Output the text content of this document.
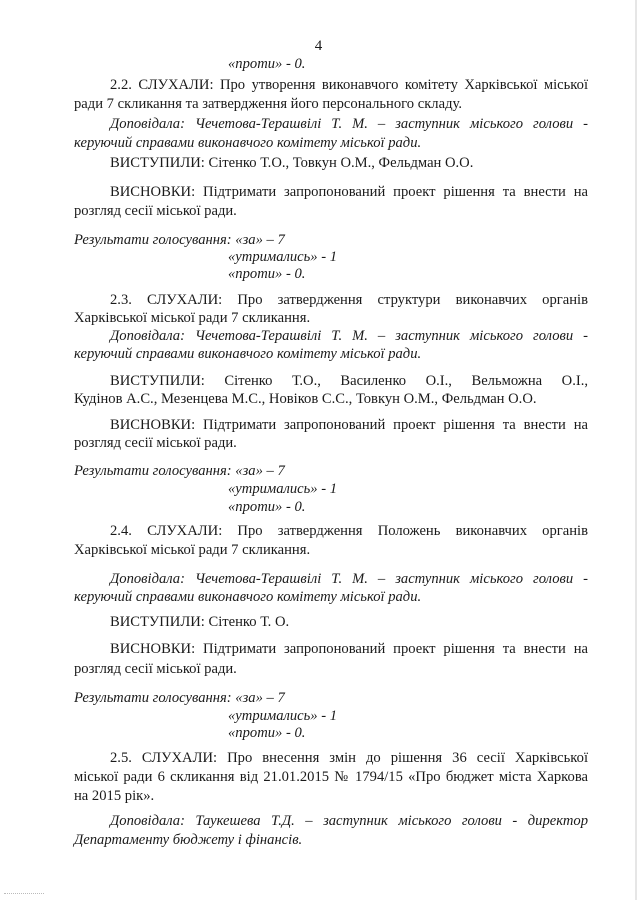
4
«проти» - 0.
2.2. СЛУХАЛИ: Про утворення виконавчого комітету Харківської міської
ради 7 скликання та затвердження його персонального складу.
Доповідала: Чечетова-Терашвілі Т. М. – заступник міського голови -
керуючий справами виконавчого комітету міської ради.
ВИСТУПИЛИ: Сітенко Т.О., Товкун О.М., Фельдман О.О.
ВИСНОВКИ: Підтримати запропонований проект рішення та внести на
розгляд сесії міської ради.
Результати голосування: «за» – 7
«утримались» - 1
«проти» - 0.
2.3. СЛУХАЛИ: Про затвердження структури виконавчих органів
Харківської міської ради 7 скликання.
Доповідала: Чечетова-Терашвілі Т. М. – заступник міського голови -
керуючий справами виконавчого комітету міської ради.
ВИСТУПИЛИ: Сітенко Т.О., Василенко О.І., Вельможна О.І.,
Кудінов А.С., Мезенцева М.С., Новіков С.С., Товкун О.М., Фельдман О.О.
ВИСНОВКИ: Підтримати запропонований проект рішення та внести на
розгляд сесії міської ради.
Результати голосування: «за» – 7
«утримались» - 1
«проти» - 0.
2.4. СЛУХАЛИ: Про затвердження Положень виконавчих органів
Харківської міської ради 7 скликання.
Доповідала: Чечетова-Терашвілі Т. М. – заступник міського голови -
керуючий справами виконавчого комітету міської ради.
ВИСТУПИЛИ: Сітенко Т. О.
ВИСНОВКИ: Підтримати запропонований проект рішення та внести на
розгляд сесії міської ради.
Результати голосування: «за» – 7
«утримались» - 1
«проти» - 0.
2.5. СЛУХАЛИ: Про внесення змін до рішення 36 сесії Харківської
міської ради 6 скликання від 21.01.2015 № 1794/15 «Про бюджет міста Харкова
на 2015 рік».
Доповідала: Таукешева Т.Д. – заступник міського голови - директор
Департаменту бюджету і фінансів.
